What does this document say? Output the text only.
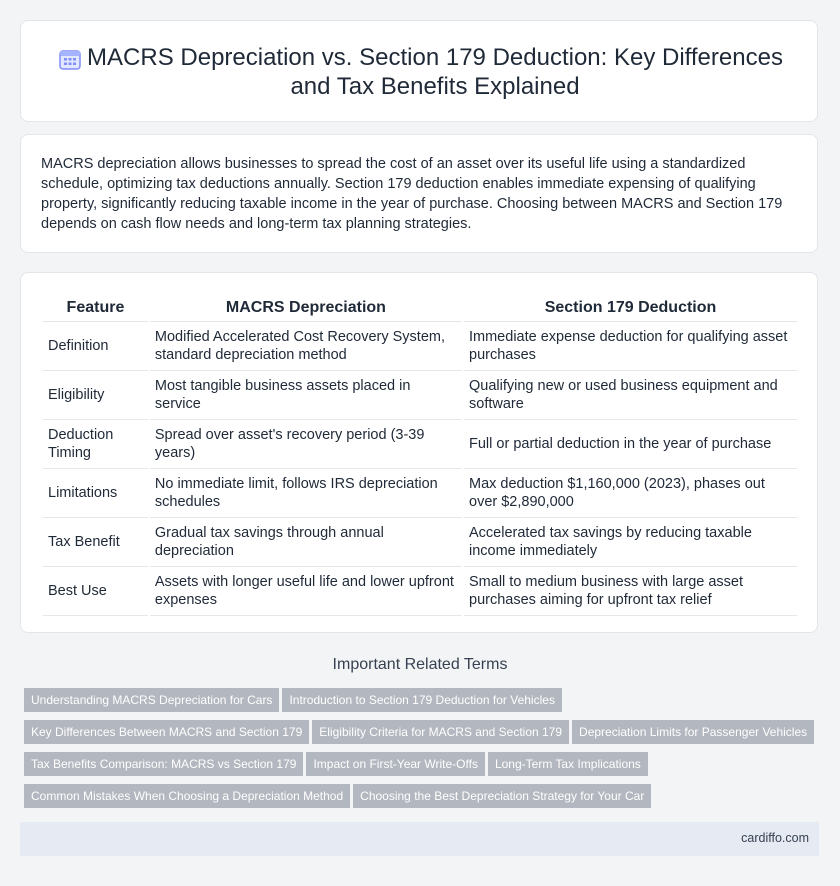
MACRS Depreciation vs. Section 179 Deduction: Key Differences and Tax Benefits Explained
MACRS depreciation allows businesses to spread the cost of an asset over its useful life using a standardized schedule, optimizing tax deductions annually. Section 179 deduction enables immediate expensing of qualifying property, significantly reducing taxable income in the year of purchase. Choosing between MACRS and Section 179 depends on cash flow needs and long-term tax planning strategies.
Feature	MACRS Depreciation	Section 179 Deduction
Definition	Modified Accelerated Cost Recovery System, standard depreciation method	Immediate expense deduction for qualifying asset purchases
Eligibility	Most tangible business assets placed in service	Qualifying new or used business equipment and software
Deduction Timing	Spread over asset's recovery period (3-39 years)	Full or partial deduction in the year of purchase
Limitations	No immediate limit, follows IRS depreciation schedules	Max deduction $1,160,000 (2023), phases out over $2,890,000
Tax Benefit	Gradual tax savings through annual depreciation	Accelerated tax savings by reducing taxable income immediately
Best Use	Assets with longer useful life and lower upfront expenses	Small to medium business with large asset purchases aiming for upfront tax relief
Important Related Terms
Understanding MACRS Depreciation for Cars Introduction to Section 179 Deduction for Vehicles
Key Differences Between MACRS and Section 179 Eligibility Criteria for MACRS and Section 179 Depreciation Limits for Passenger Vehicles
Tax Benefits Comparison: MACRS vs Section 179 Impact on First-Year Write-Offs Long-Term Tax Implications
Common Mistakes When Choosing a Depreciation Method Choosing the Best Depreciation Strategy for Your Car
cardiffo.com
